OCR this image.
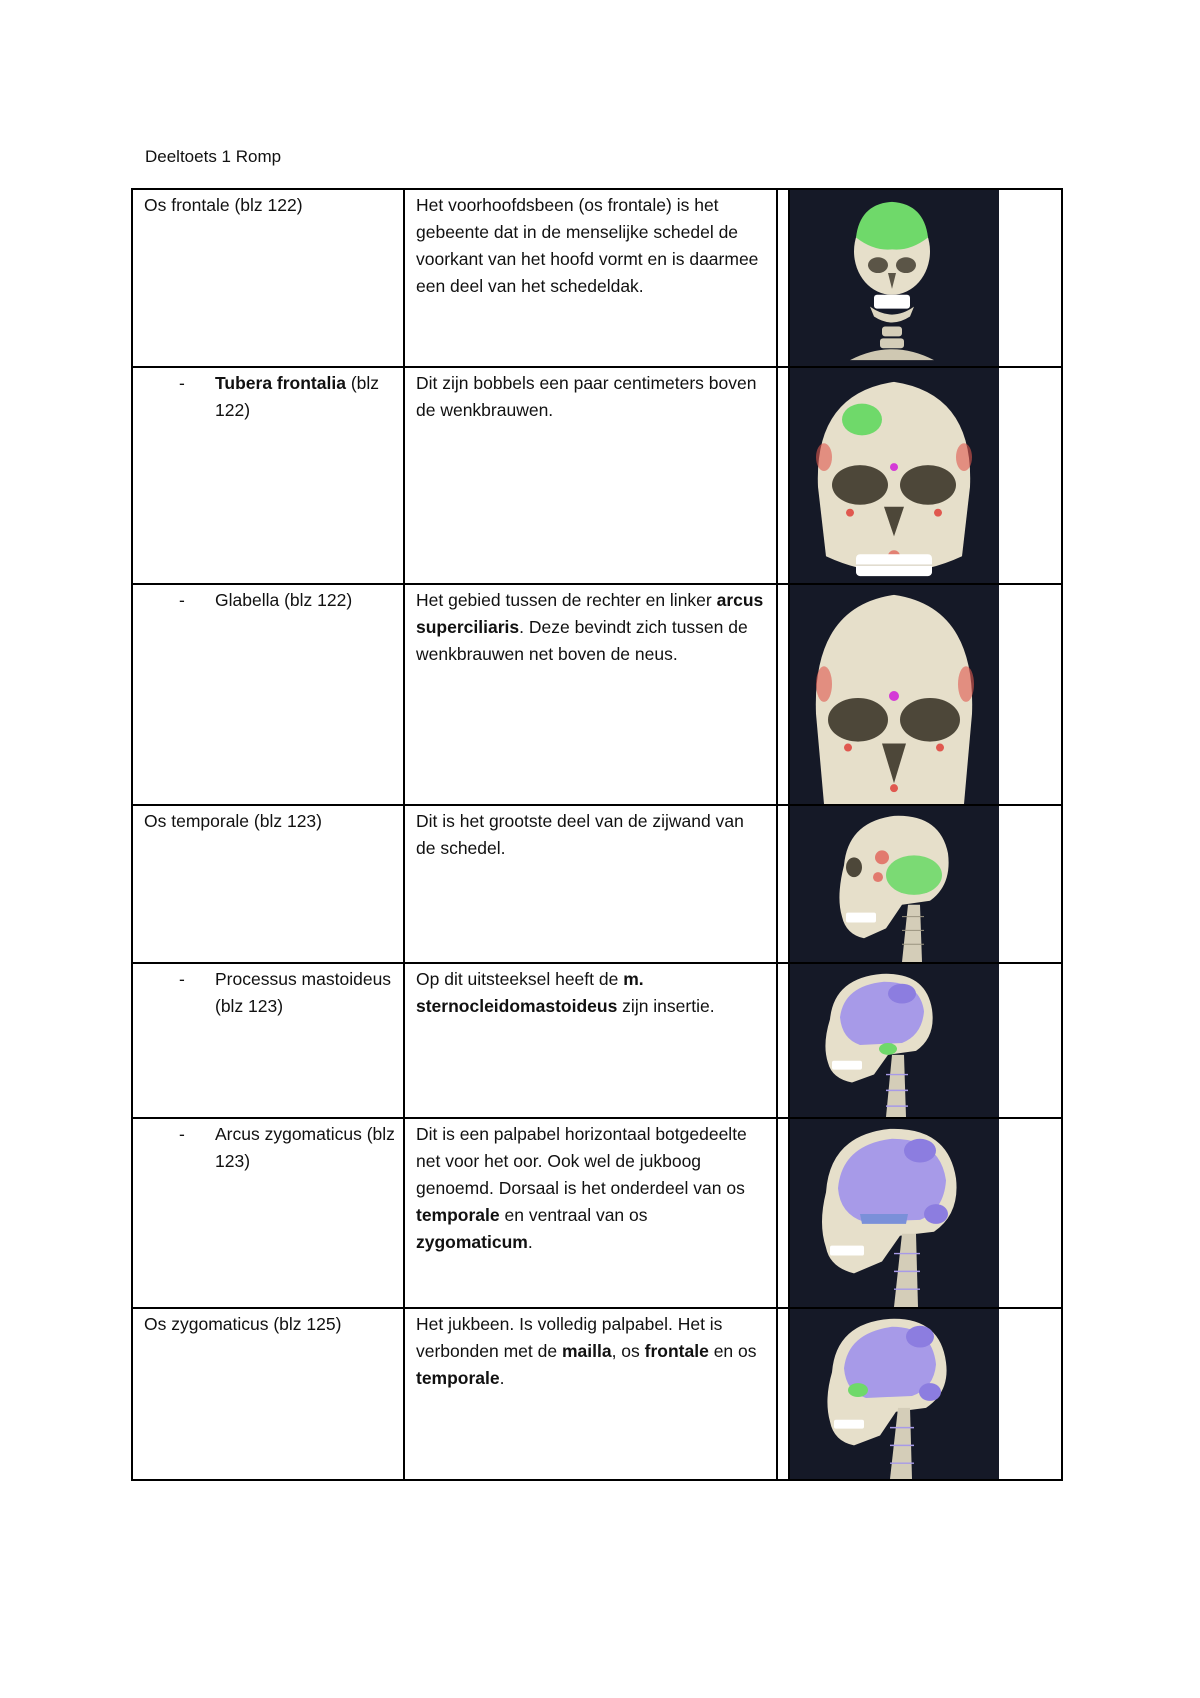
Deeltoets 1 Romp
Os frontale (blz 122)	Het voorhoofdsbeen (os frontale) is het gebeente dat in de menselijke schedel de voorkant van het hoofd vormt en is daarmee een deel van het schedeldak.

- Tubera frontalia (blz 122)	Dit zijn bobbels een paar centimeters boven de wenkbrauwen.

- Glabella (blz 122)	Het gebied tussen de rechter en linker arcus superciliaris. Deze bevindt zich tussen de wenkbrauwen net boven de neus.

Os temporale (blz 123)	Dit is het grootste deel van de zijwand van de schedel.

- Processus mastoideus (blz 123)	Op dit uitsteeksel heeft de m. sternocleidomastoideus zijn insertie.

- Arcus zygomaticus (blz 123)	Dit is een palpabel horizontaal botgedeelte net voor het oor. Ook wel de jukboog genoemd. Dorsaal is het onderdeel van os temporale en ventraal van os zygomaticum.

Os zygomaticus (blz 125)	Het jukbeen. Is volledig palpabel. Het is verbonden met de mailla, os frontale en os temporale.
